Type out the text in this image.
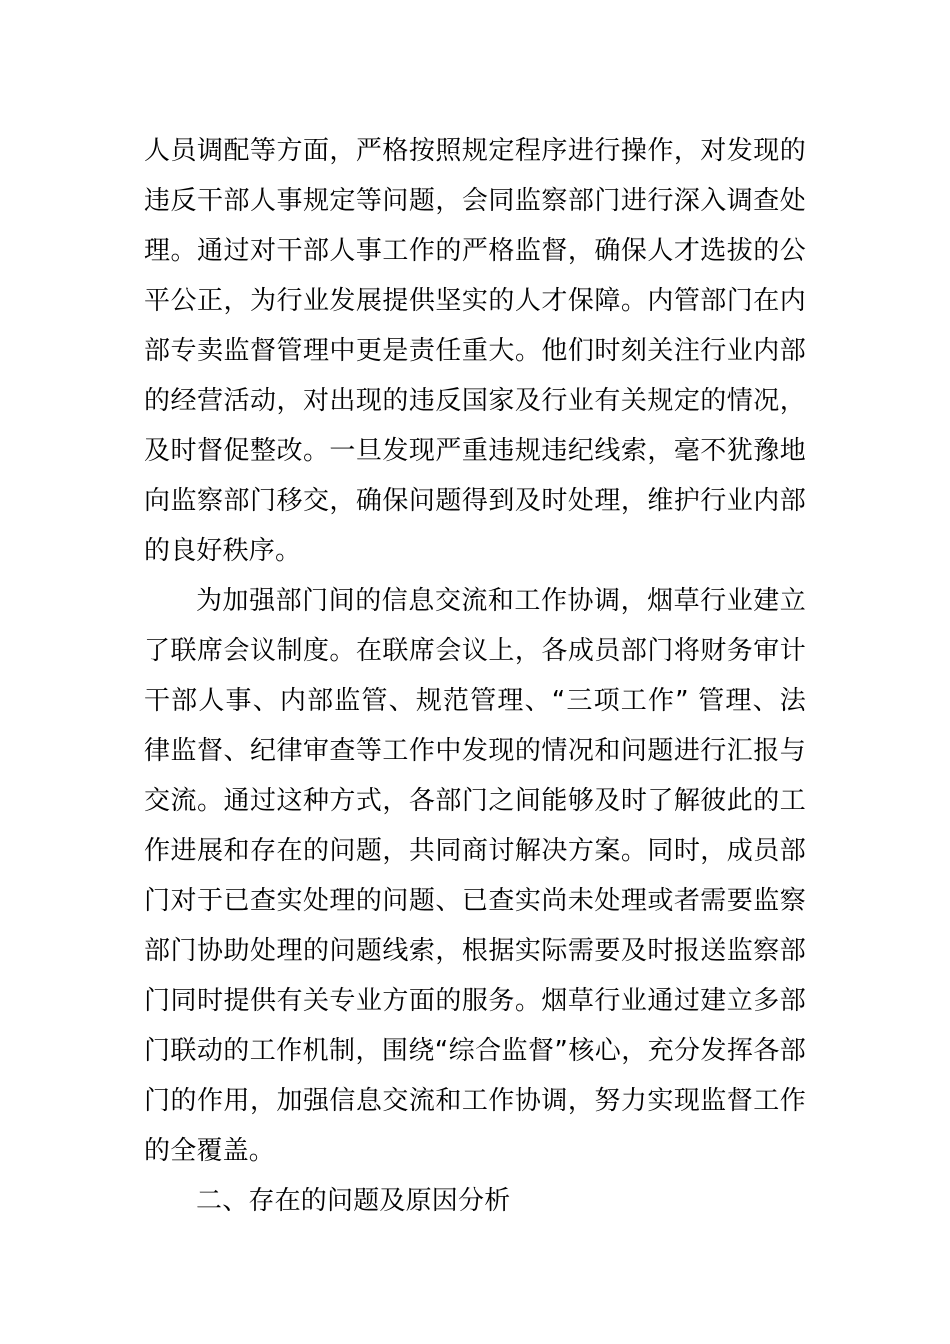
人员调配等方面，严格按照规定程序进行操作，对发现的违反干部人事规定等问题，会同监察部门进行深入调查处理。通过对干部人事工作的严格监督，确保人才选拔的公平公正，为行业发展提供坚实的人才保障。内管部门在内部专卖监督管理中更是责任重大。他们时刻关注行业内部的经营活动，对出现的违反国家及行业有关规定的情况，及时督促整改。一旦发现严重违规违纪线索，毫不犹豫地向监察部门移交，确保问题得到及时处理，维护行业内部的良好秩序。

为加强部门间的信息交流和工作协调，烟草行业建立了联席会议制度。在联席会议上，各成员部门将财务审计干部人事、内部监管、规范管理、“三项工作” 管理、法律监督、纪律审查等工作中发现的情况和问题进行汇报与交流。通过这种方式，各部门之间能够及时了解彼此的工作进展和存在的问题，共同商讨解决方案。同时，成员部门对于已查实处理的问题、已查实尚未处理或者需要监察部门协助处理的问题线索，根据实际需要及时报送监察部门同时提供有关专业方面的服务。烟草行业通过建立多部门联动的工作机制，围绕“综合监督”核心，充分发挥各部门的作用，加强信息交流和工作协调，努力实现监督工作的全覆盖。

二、存在的问题及原因分析
